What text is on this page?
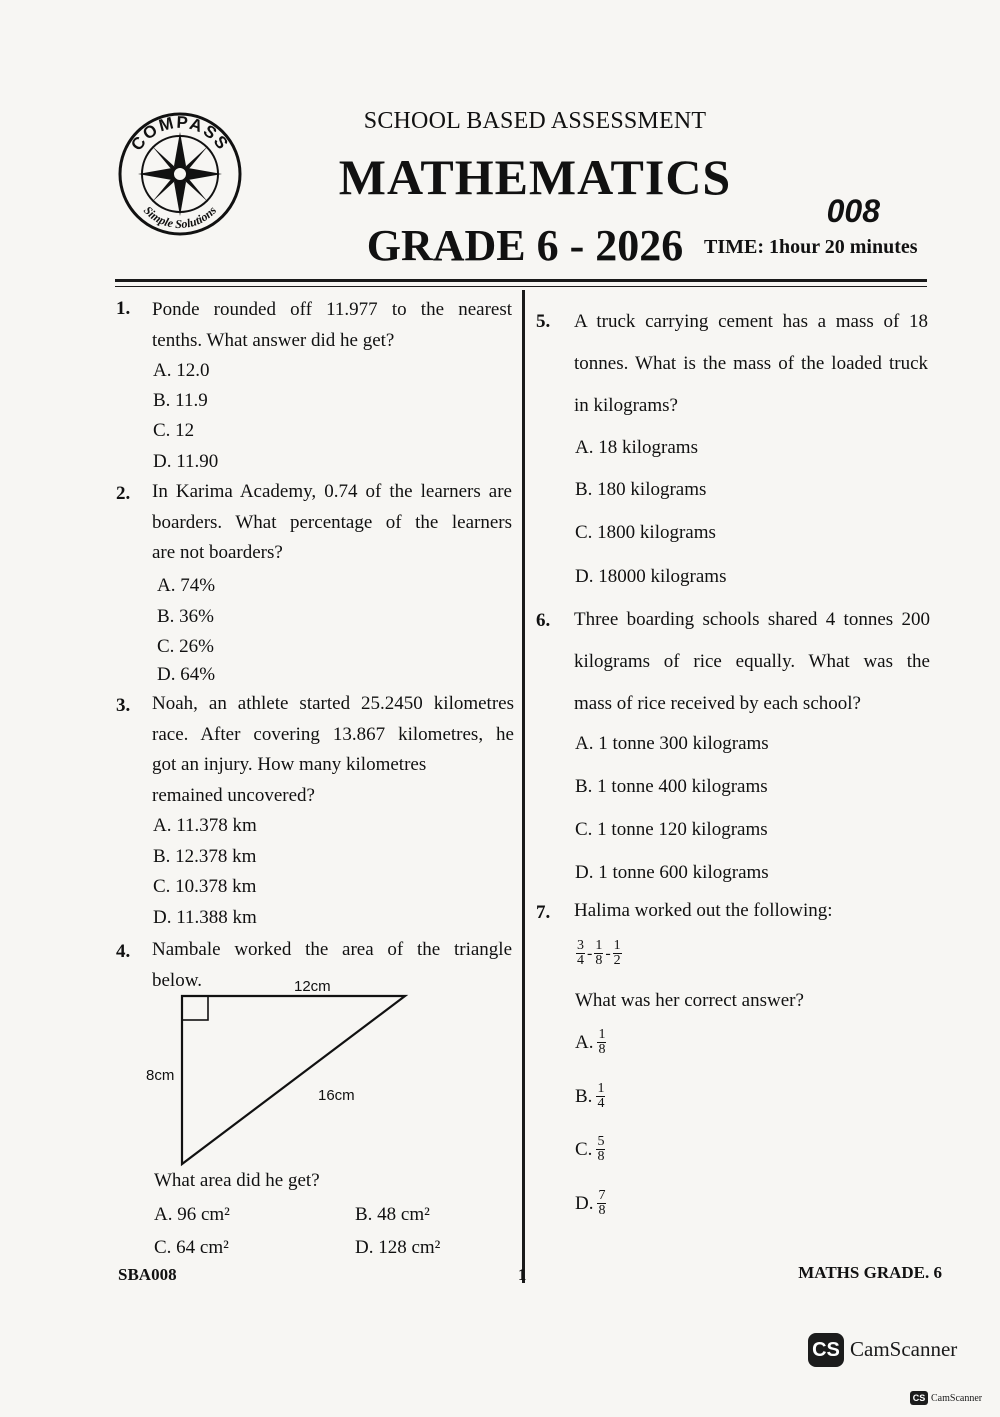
COMPASS
Simple Solutions
SCHOOL BASED ASSESSMENT
MATHEMATICS
GRADE 6 - 2026
008
TIME: 1hour 20 minutes
1.	Ponde rounded off 11.977 to the nearest
tenths. What answer did he get?
A. 12.0
B. 11.9
C. 12
D. 11.90
2.	In Karima Academy, 0.74 of the learners are
boarders. What percentage of the learners
are not boarders?
A. 74%
B. 36%
C. 26%
D. 64%
3.	Noah, an athlete started 25.2450 kilometres
race. After covering 13.867 kilometres, he
got an injury. How many kilometres
remained uncovered?
A. 11.378 km
B. 12.378 km
C. 10.378 km
D. 11.388 km
4.	Nambale worked the area of the triangle
below.	12cm
8cm
16cm
What area did he get?
A. 96 cm²	B. 48 cm²
C. 64 cm²	D. 128 cm²
5.	A truck carrying cement has a mass of 18
tonnes. What is the mass of the loaded truck
in kilograms?
A. 18 kilograms
B. 180 kilograms
C. 1800 kilograms
D. 18000 kilograms
6.	Three boarding schools shared 4 tonnes 200
kilograms of rice equally. What was the
mass of rice received by each school?
A. 1 tonne 300 kilograms
B. 1 tonne 400 kilograms
C. 1 tonne 120 kilograms
D. 1 tonne 600 kilograms
7.	Halima worked out the following:
$\frac{3}{4} - \frac{1}{8} - \frac{1}{2}$
What was her correct answer?
A. $\frac{1}{8}$
B. $\frac{1}{4}$
C. $\frac{5}{8}$
D. $\frac{7}{8}$
SBA008	1	MATHS GRADE. 6
CS CamScanner
CS CamScanner
